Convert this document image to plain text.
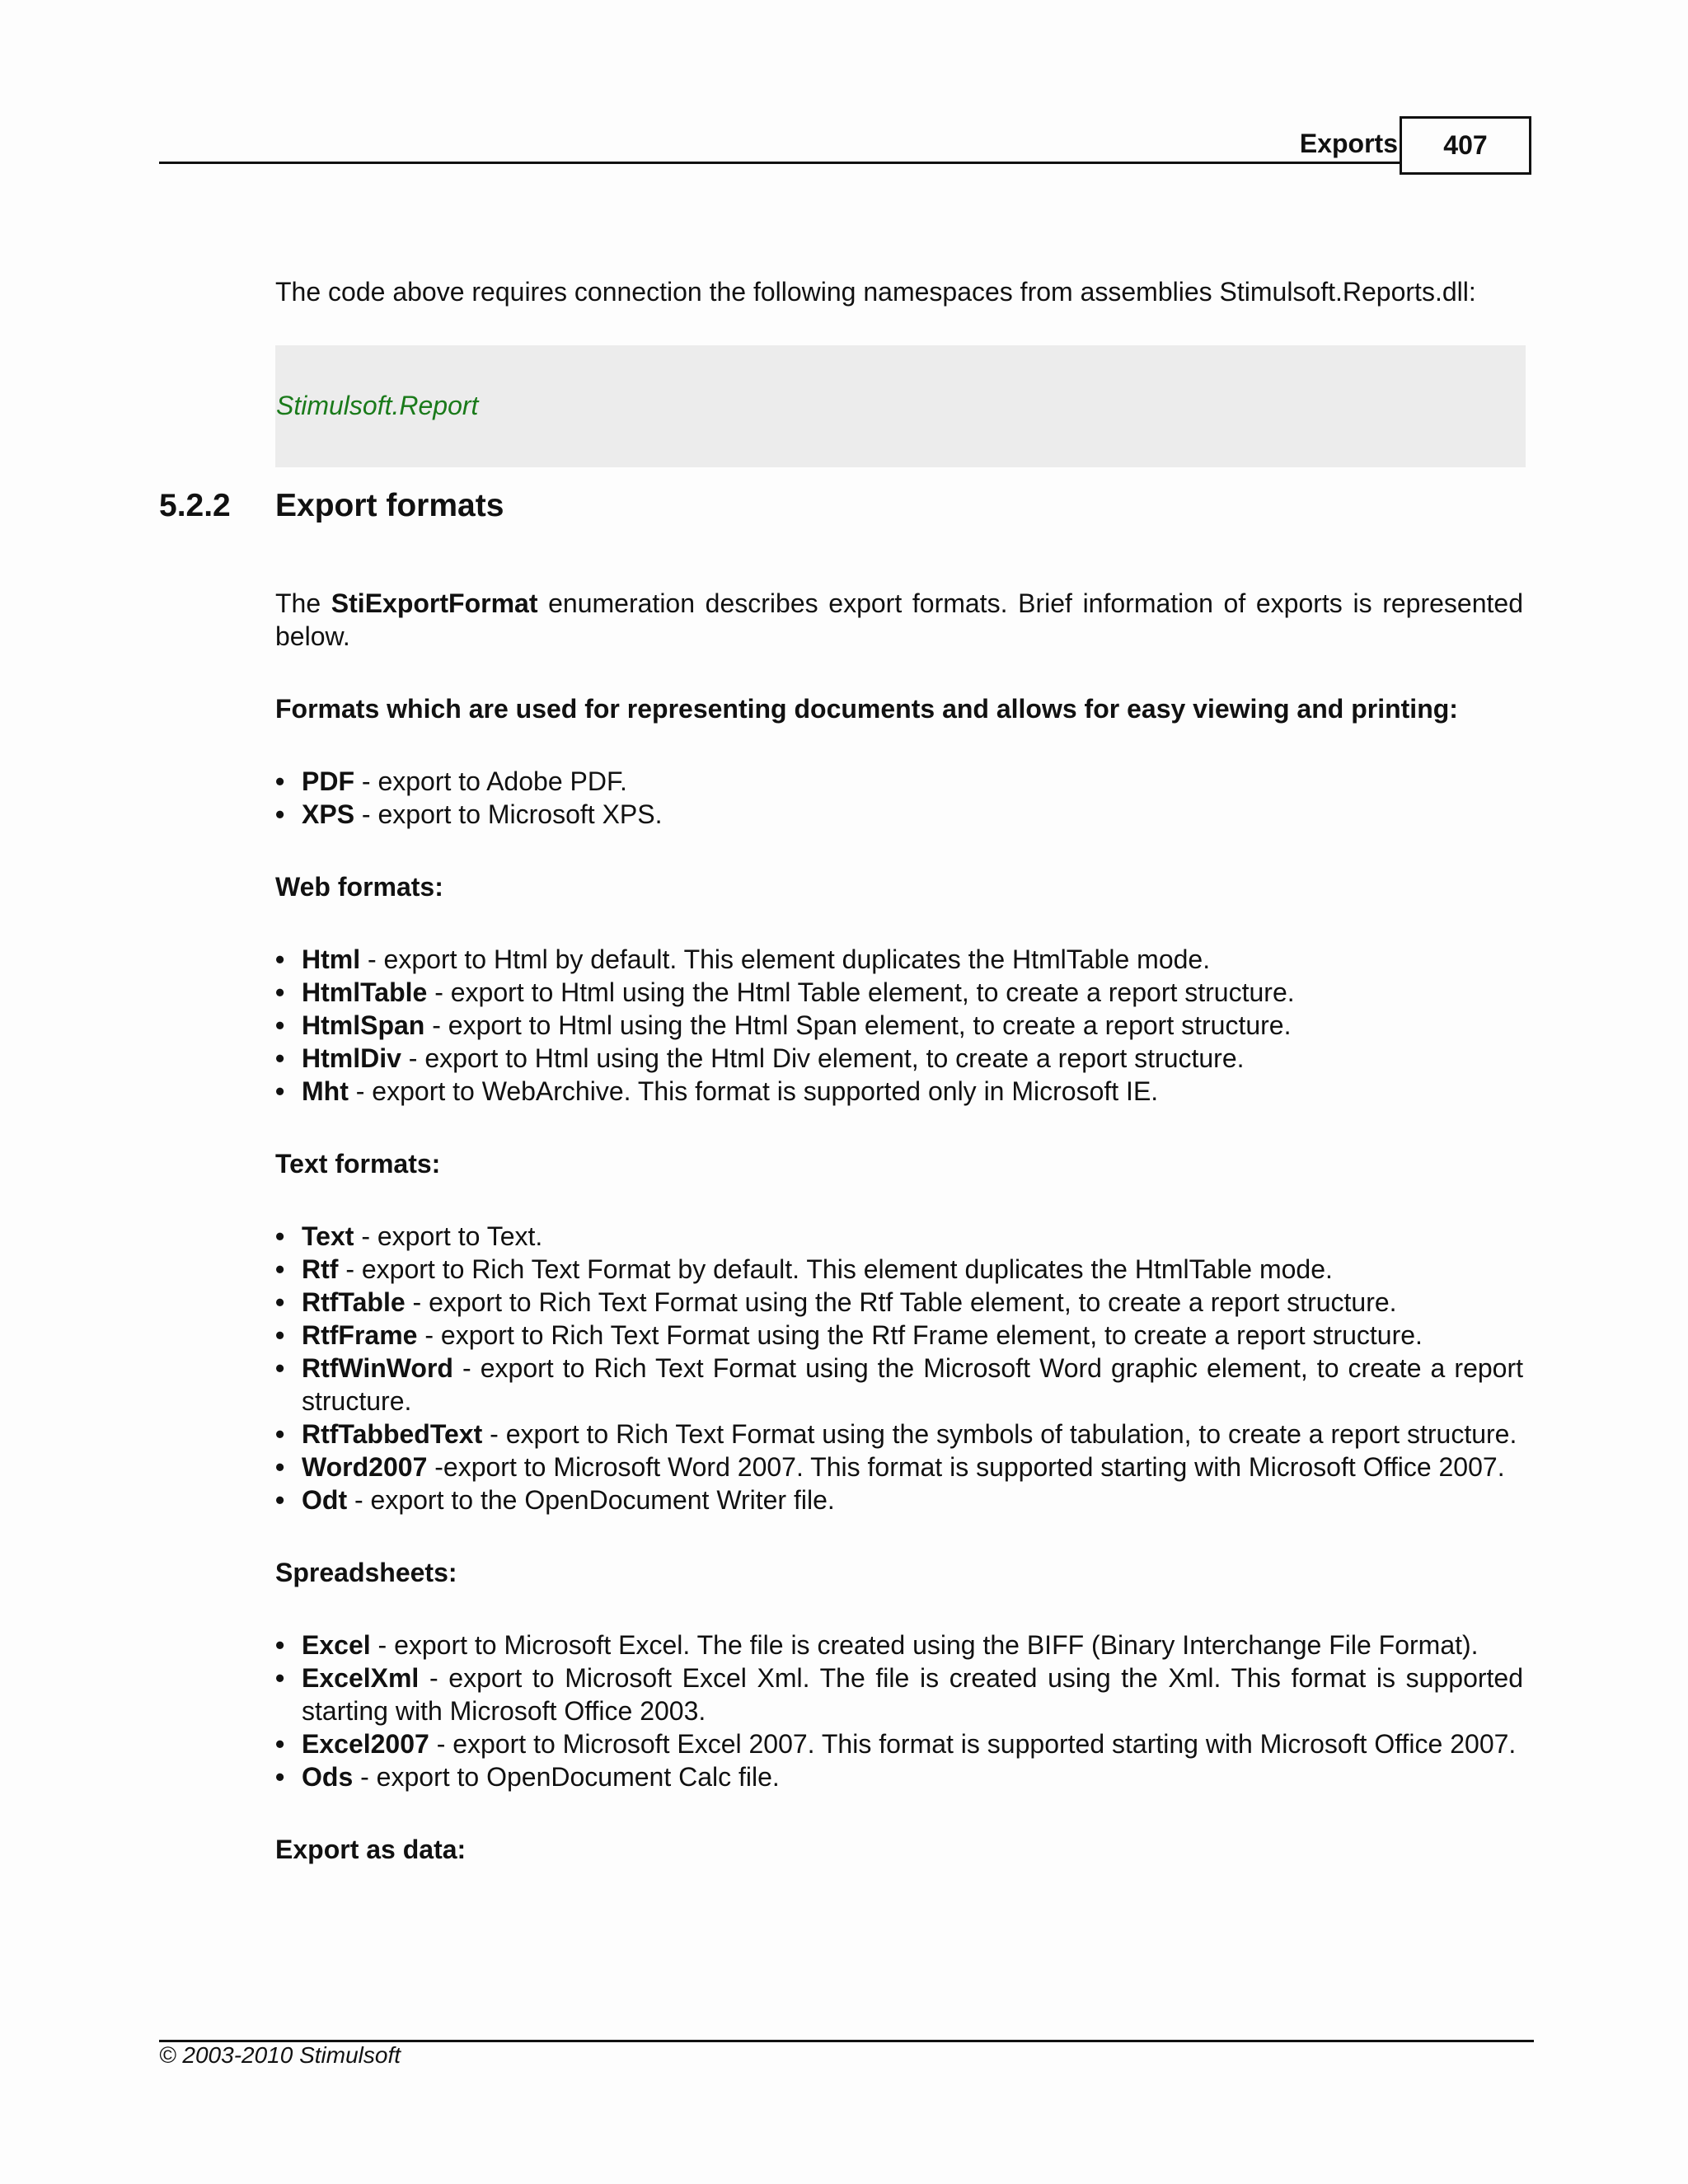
Exports	407
The code above requires connection the following namespaces from assemblies Stimulsoft.Reports.dll:
Stimulsoft.Report
5.2.2 Export formats

The StiExportFormat enumeration describes export formats. Brief information of exports is represented below.

Formats which are used for representing documents and allows for easy viewing and printing:
• PDF - export to Adobe PDF.
• XPS - export to Microsoft XPS.
Web formats:
• Html - export to Html by default. This element duplicates the HtmlTable mode.
• HtmlTable - export to Html using the Html Table element, to create a report structure.
• HtmlSpan - export to Html using the Html Span element, to create a report structure.
• HtmlDiv - export to Html using the Html Div element, to create a report structure.
• Mht - export to WebArchive. This format is supported only in Microsoft IE.
Text formats:
• Text - export to Text.
• Rtf - export to Rich Text Format by default. This element duplicates the HtmlTable mode.
• RtfTable - export to Rich Text Format using the Rtf Table element, to create a report structure.
• RtfFrame - export to Rich Text Format using the Rtf Frame element, to create a report structure.
• RtfWinWord - export to Rich Text Format using the Microsoft Word graphic element, to create a report structure.
• RtfTabbedText - export to Rich Text Format using the symbols of tabulation, to create a report structure.
• Word2007 -export to Microsoft Word 2007. This format is supported starting with Microsoft Office 2007.
• Odt - export to the OpenDocument Writer file.
Spreadsheets:
• Excel - export to Microsoft Excel. The file is created using the BIFF (Binary Interchange File Format).
• ExcelXml - export to Microsoft Excel Xml. The file is created using the Xml. This format is supported starting with Microsoft Office 2003.
• Excel2007 - export to Microsoft Excel 2007. This format is supported starting with Microsoft Office 2007.
• Ods - export to OpenDocument Calc file.
Export as data:
© 2003-2010 Stimulsoft
